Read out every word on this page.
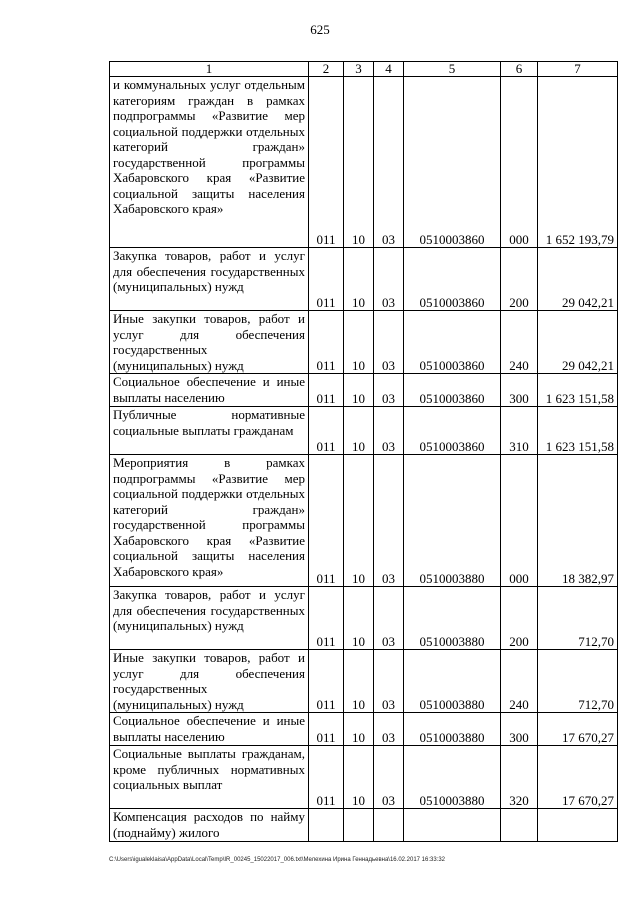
625
1	2	3	4	5	6	7
и коммунальных услуг отдельным категориям граждан в рамках подпрограммы «Развитие мер социальной поддержки отдельных категорий граждан» государственной программы Хабаровского края «Развитие социальной защиты населения Хабаровского края»	011	10	03	0510003860	000	1 652 193,79
Закупка товаров, работ и услуг для обеспечения государственных (муниципальных) нужд	011	10	03	0510003860	200	29 042,21
Иные закупки товаров, работ и услуг для обеспечения государственных (муниципальных) нужд	011	10	03	0510003860	240	29 042,21
Социальное обеспечение и иные выплаты населению	011	10	03	0510003860	300	1 623 151,58
Публичные нормативные социальные выплаты гражданам	011	10	03	0510003860	310	1 623 151,58
Мероприятия в рамках подпрограммы «Развитие мер социальной поддержки отдельных категорий граждан» государственной программы Хабаровского края «Развитие социальной защиты населения Хабаровского края»	011	10	03	0510003880	000	18 382,97
Закупка товаров, работ и услуг для обеспечения государственных (муниципальных) нужд	011	10	03	0510003880	200	712,70
Иные закупки товаров, работ и услуг для обеспечения государственных (муниципальных) нужд	011	10	03	0510003880	240	712,70
Социальное обеспечение и иные выплаты населению	011	10	03	0510003880	300	17 670,27
Социальные выплаты гражданам, кроме публичных нормативных социальных выплат	011	10	03	0510003880	320	17 670,27
Компенсация расходов по найму (поднайму) жилого						
C:\Users\igualeklaisa\AppData\Local\Temp\IR_00245_15022017_006.txt\Мелехина Ирина Геннадьевна\16.02.2017 16:33:32
